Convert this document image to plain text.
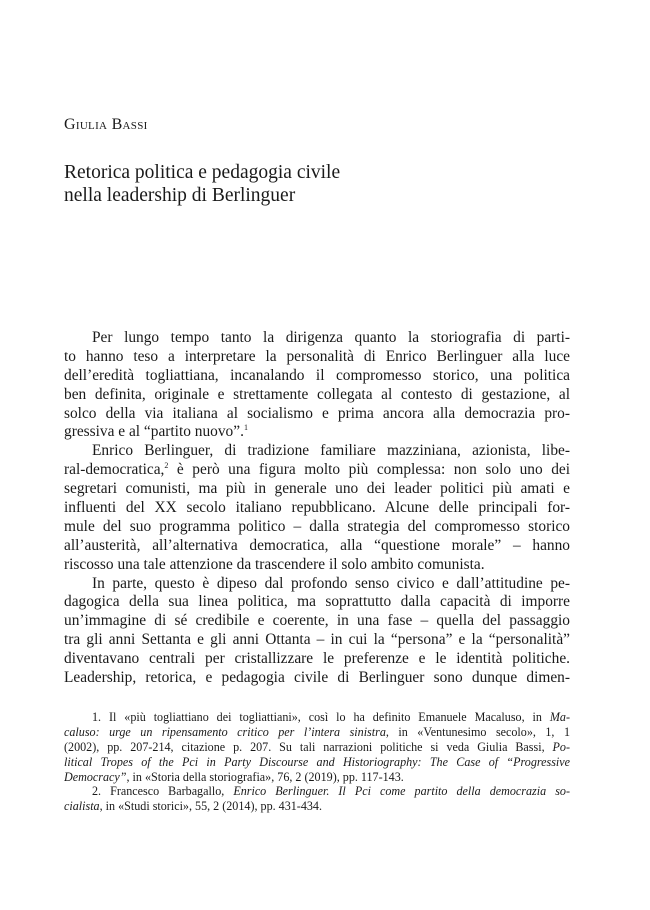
Giulia Bassi
Retorica politica e pedagogia civile
nella leadership di Berlinguer
Per lungo tempo tanto la dirigenza quanto la storiografia di parti-
to hanno teso a interpretare la personalità di Enrico Berlinguer alla luce
dell’eredità togliattiana, incanalando il compromesso storico, una politica
ben definita, originale e strettamente collegata al contesto di gestazione, al
solco della via italiana al socialismo e prima ancora alla democrazia pro-
gressiva e al “partito nuovo”.$^1$
Enrico Berlinguer, di tradizione familiare mazziniana, azionista, libe-
ral-democratica,$^2$ è però una figura molto più complessa: non solo uno dei
segretari comunisti, ma più in generale uno dei leader politici più amati e
influenti del XX secolo italiano repubblicano. Alcune delle principali for-
mule del suo programma politico – dalla strategia del compromesso storico
all’austerità, all’alternativa democratica, alla “questione morale” – hanno
riscosso una tale attenzione da trascendere il solo ambito comunista.
In parte, questo è dipeso dal profondo senso civico e dall’attitudine pe-
dagogica della sua linea politica, ma soprattutto dalla capacità di imporre
un’immagine di sé credibile e coerente, in una fase – quella del passaggio
tra gli anni Settanta e gli anni Ottanta – in cui la “persona” e la “personalità”
diventavano centrali per cristallizzare le preferenze e le identità politiche.
Leadership, retorica, e pedagogia civile di Berlinguer sono dunque dimen-
1. Il «più togliattiano dei togliattiani», così lo ha definito Emanuele Macaluso, in Ma-
caluso: urge un ripensamento critico per l’intera sinistra, in «Ventunesimo secolo», 1, 1
(2002), pp. 207-214, citazione p. 207. Su tali narrazioni politiche si veda Giulia Bassi, Po-
litical Tropes of the Pci in Party Discourse and Historiography: The Case of “Progressive
Democracy”, in «Storia della storiografia», 76, 2 (2019), pp. 117-143.
2. Francesco Barbagallo, Enrico Berlinguer. Il Pci come partito della democrazia so-
cialista, in «Studi storici», 55, 2 (2014), pp. 431-434.
